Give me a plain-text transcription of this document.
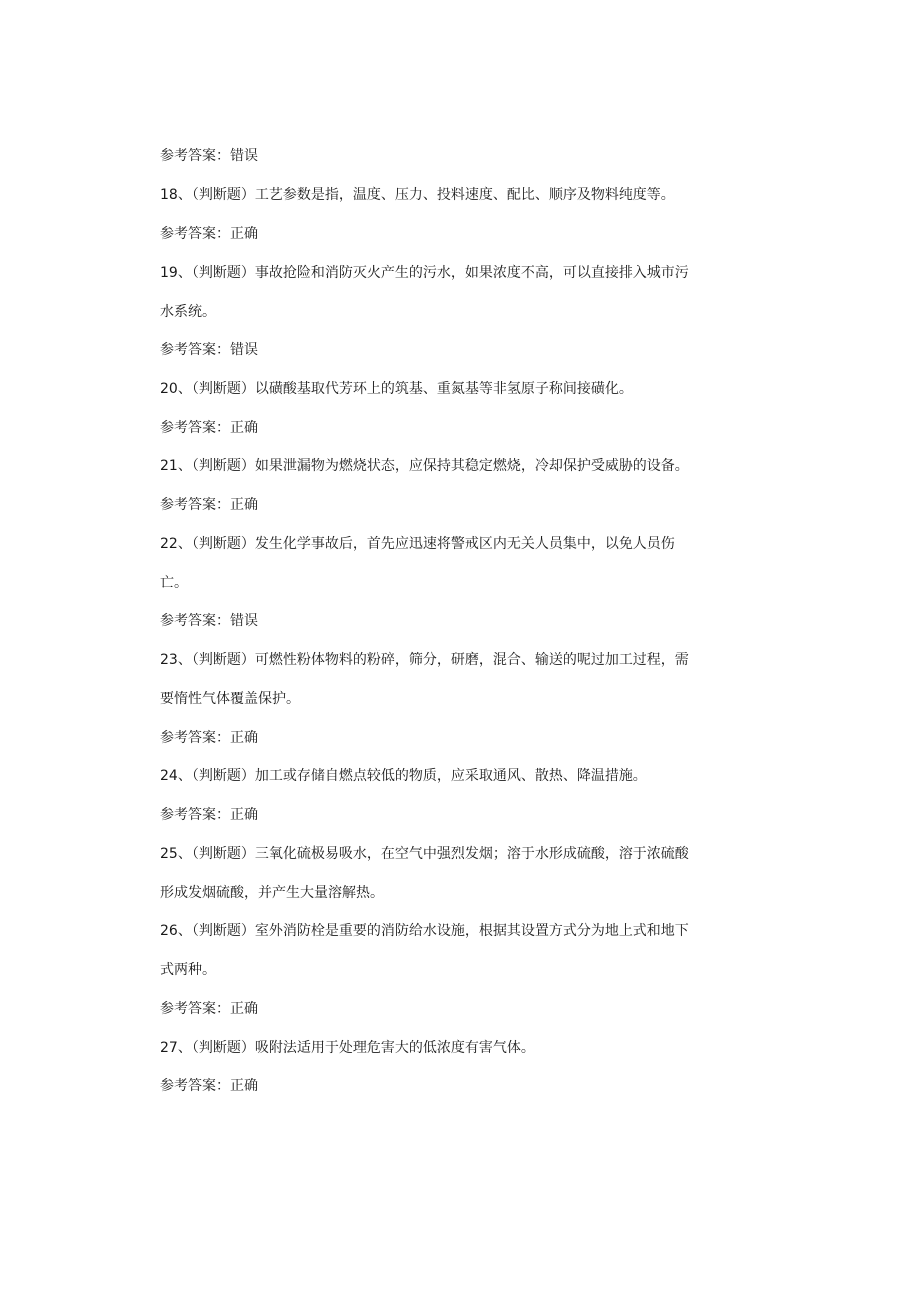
参考答案：错误
18、（判断题）工艺参数是指，温度、压力、投料速度、配比、顺序及物料纯度等。
参考答案：正确
19、（判断题）事故抢险和消防灭火产生的污水，如果浓度不高，可以直接排入城市污
水系统。
参考答案：错误
20、（判断题）以磺酸基取代芳环上的筑基、重氮基等非氢原子称间接磺化。
参考答案：正确
21、（判断题）如果泄漏物为燃烧状态，应保持其稳定燃烧，冷却保护受威胁的设备。
参考答案：正确
22、（判断题）发生化学事故后，首先应迅速将警戒区内无关人员集中，以免人员伤
亡。
参考答案：错误
23、（判断题）可燃性粉体物料的粉碎，筛分，研磨，混合、输送的呢过加工过程，需
要惰性气体覆盖保护。
参考答案：正确
24、（判断题）加工或存储自燃点较低的物质，应采取通风、散热、降温措施。
参考答案：正确
25、（判断题）三氧化硫极易吸水，在空气中强烈发烟；溶于水形成硫酸，溶于浓硫酸
形成发烟硫酸，并产生大量溶解热。
26、（判断题）室外消防栓是重要的消防给水设施，根据其设置方式分为地上式和地下
式两种。
参考答案：正确
27、（判断题）吸附法适用于处理危害大的低浓度有害气体。
参考答案：正确
